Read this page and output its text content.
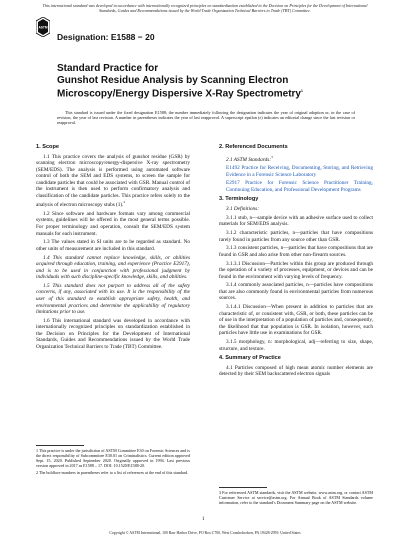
This international standard was developed in accordance with internationally recognized principles on standardization established in the Decision on Principles for the Development of International Standards, Guides and Recommendations issued by the World Trade Organization Technical Barriers to Trade (TBT) Committee.
ASTM
Designation: E1588 − 20
Standard Practice for
Gunshot Residue Analysis by Scanning Electron
Microscopy/Energy Dispersive X-Ray Spectrometry$^1$
This standard is issued under the fixed designation E1588; the number immediately following the designation indicates the year of original adoption or, in the case of revision, the year of last revision. A number in parentheses indicates the year of last reapproval. A superscript epsilon (ε) indicates an editorial change since the last revision or reapproval.
1. Scope

1.1 This practice covers the analysis of gunshot residue (GSR) by scanning electron microscopy/energy-dispersive X-ray spectrometry (SEM/EDS). The analysis is performed using automated software control of both the SEM and EDS systems, to screen the sample for candidate particles that could be associated with GSR. Manual control of the instrument is then used to perform confirmatory analysis and classification of the candidate particles. This practice refers solely to the analysis of electron microscopy stubs (1).$^2$

1.2 Since software and hardware formats vary among commercial systems, guidelines will be offered in the most general terms possible. For proper terminology and operation, consult the SEM/EDS system manuals for each instrument.

1.3 The values stated in SI units are to be regarded as standard. No other units of measurement are included in this standard.

1.4 This standard cannot replace knowledge, skills, or abilities acquired through education, training, and experience (Practice E2917), and is to be used in conjunction with professional judgment by individuals with such discipline-specific knowledge, skills, and abilities.

1.5 This standard does not purport to address all of the safety concerns, if any, associated with its use. It is the responsibility of the user of this standard to establish appropriate safety, health, and environmental practices and determine the applicability of regulatory limitations prior to use.

1.6 This international standard was developed in accordance with internationally recognized principles on standardization established in the Decision on Principles for the Development of International Standards, Guides and Recommendations issued by the World Trade Organization Technical Barriers to Trade (TBT) Committee.

1 This practice is under the jurisdiction of ASTM Committee E30 on Forensic Sciences and is the direct responsibility of Subcommittee E30.01 on Criminalistics. Current edition approved Sept. 15, 2020. Published September 2020. Originally approved in 1994. Last previous version approved in 2017 as E1588 – 17. DOI: 10.1520/E1588-20.
2 The boldface numbers in parentheses refer to a list of references at the end of this standard.
2. Referenced Documents

2.1 ASTM Standards:$^3$

E1492 Practice for Receiving, Documenting, Storing, and Retrieving Evidence in a Forensic Science Laboratory

E2917 Practice for Forensic Science Practitioner Training, Continuing Education, and Professional Development Programs

3. Terminology

3.1 Definitions:

3.1.1 stub, n—sample device with an adhesive surface used to collect materials for SEM/EDS analysis.

3.1.2 characteristic particles, n—particles that have compositions rarely found in particles from any source other than GSR.

3.1.3 consistent particles, n—particles that have compositions that are found in GSR and also arise from other non-firearm sources.

3.1.3.1 Discussion—Particles within this group are produced through the operation of a variety of processes, equipment, or devices and can be found in the environment with varying levels of frequency.

3.1.4 commonly associated particles, n—particles have compositions that are also commonly found in environmental particles from numerous sources.

3.1.4.1 Discussion—When present in addition to particles that are characteristic of, or consistent with, GSR, or both, these particles can be of use in the interpretation of a population of particles and, consequently, the likelihood that that population is GSR. In isolation, however, such particles have little use in examinations for GSR.

3.1.5 morphology, n: morphological, adj—referring to size, shape, structure, and texture.

4. Summary of Practice

4.1 Particles composed of high mean atomic number elements are detected by their SEM backscattered electron signals

3 For referenced ASTM standards, visit the ASTM website, www.astm.org, or contact ASTM Customer Service at service@astm.org. For Annual Book of ASTM Standards volume information, refer to the standard's Document Summary page on the ASTM website.
1
Copyright © ASTM International, 100 Barr Harbor Drive, PO Box C700, West Conshohocken, PA 19428-2959. United States
